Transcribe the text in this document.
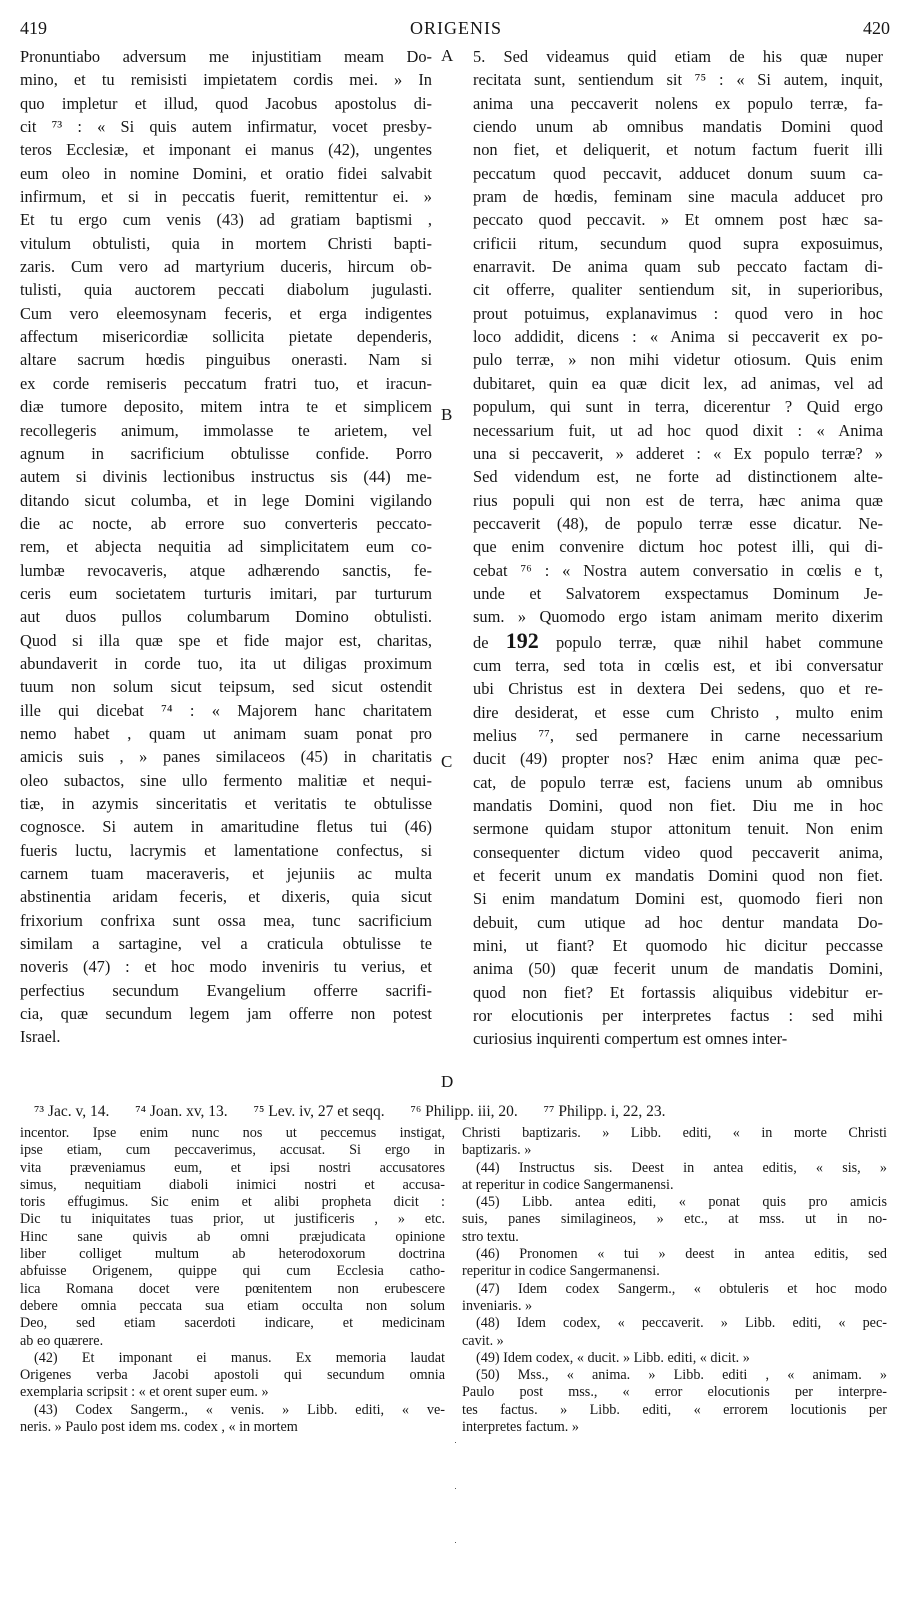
419	ORIGENIS	420
A
B
C
D
Pronuntiabo adversum me injustitiam meam Do-
mino, et tu remisisti impietatem cordis mei. » In
quo impletur et illud, quod Jacobus apostolus di-
cit ⁷³ : « Si quis autem infirmatur, vocet presby-
teros Ecclesiæ, et imponant ei manus (42), ungentes
eum oleo in nomine Domini, et oratio fidei salvabit
infirmum, et si in peccatis fuerit, remittentur ei. »
Et tu ergo cum venis (43) ad gratiam baptismi ,
vitulum obtulisti, quia in mortem Christi bapti-
zaris. Cum vero ad martyrium duceris, hircum ob-
tulisti, quia auctorem peccati diabolum jugulasti.
Cum vero eleemosynam feceris, et erga indigentes
affectum misericordiæ sollicita pietate dependeris,
altare sacrum hœdis pinguibus onerasti. Nam si
ex corde remiseris peccatum fratri tuo, et iracun-
diæ tumore deposito, mitem intra te et simplicem
recollegeris animum, immolasse te arietem, vel
agnum in sacrificium obtulisse confide. Porro
autem si divinis lectionibus instructus sis (44) me-
ditando sicut columba, et in lege Domini vigilando
die ac nocte, ab errore suo converteris peccato-
rem, et abjecta nequitia ad simplicitatem eum co-
lumbæ revocaveris, atque adhærendo sanctis, fe-
ceris eum societatem turturis imitari, par turturum
aut duos pullos columbarum Domino obtulisti.
Quod si illa quæ spe et fide major est, charitas,
abundaverit in corde tuo, ita ut diligas proximum
tuum non solum sicut teipsum, sed sicut ostendit
ille qui dicebat ⁷⁴ : « Majorem hanc charitatem
nemo habet , quam ut animam suam ponat pro
amicis suis , » panes similaceos (45) in charitatis
oleo subactos, sine ullo fermento malitiæ et nequi-
tiæ, in azymis sinceritatis et veritatis te obtulisse
cognosce. Si autem in amaritudine fletus tui (46)
fueris luctu, lacrymis et lamentatione confectus, si
carnem tuam maceraveris, et jejuniis ac multa
abstinentia aridam feceris, et dixeris, quia sicut
frixorium confrixa sunt ossa mea, tunc sacrificium
similam a sartagine, vel a craticula obtulisse te
noveris (47) : et hoc modo inveniris tu verius, et
perfectius secundum Evangelium offerre sacrifi-
cia, quæ secundum legem jam offerre non potest
Israel.
5. Sed videamus quid etiam de his quæ nuper
recitata sunt, sentiendum sit ⁷⁵ : « Si autem, inquit,
anima una peccaverit nolens ex populo terræ, fa-
ciendo unum ab omnibus mandatis Domini quod
non fiet, et deliquerit, et notum factum fuerit illi
peccatum quod peccavit, adducet donum suum ca-
pram de hœdis, feminam sine macula adducet pro
peccato quod peccavit. » Et omnem post hæc sa-
crificii ritum, secundum quod supra exposuimus,
enarravit. De anima quam sub peccato factam di-
cit offerre, qualiter sentiendum sit, in superioribus,
prout potuimus, explanavimus : quod vero in hoc
loco addidit, dicens : « Anima si peccaverit ex po-
pulo terræ, » non mihi videtur otiosum. Quis enim
dubitaret, quin ea quæ dicit lex, ad animas, vel ad
populum, qui sunt in terra, dicerentur ? Quid ergo
necessarium fuit, ut ad hoc quod dixit : « Anima
una si peccaverit, » adderet : « Ex populo terræ? »
Sed videndum est, ne forte ad distinctionem alte-
rius populi qui non est de terra, hæc anima quæ
peccaverit (48), de populo terræ esse dicatur. Ne-
que enim convenire dictum hoc potest illi, qui di-
cebat ⁷⁶ : « Nostra autem conversatio in cœlis e t,
unde et Salvatorem exspectamus Dominum Je-
sum. » Quomodo ergo istam animam merito dixerim
de 192 populo terræ, quæ nihil habet commune
cum terra, sed tota in cœlis est, et ibi conversatur
ubi Christus est in dextera Dei sedens, quo et re-
dire desiderat, et esse cum Christo , multo enim
melius ⁷⁷, sed permanere in carne necessarium
ducit (49) propter nos? Hæc enim anima quæ pec-
cat, de populo terræ est, faciens unum ab omnibus
mandatis Domini, quod non fiet. Diu me in hoc
sermone quidam stupor attonitum tenuit. Non enim
consequenter dictum video quod peccaverit anima,
et fecerit unum ex mandatis Domini quod non fiet.
Si enim mandatum Domini est, quomodo fieri non
debuit, cum utique ad hoc dentur mandata Do-
mini, ut fiant? Et quomodo hic dicitur peccasse
anima (50) quæ fecerit unum de mandatis Domini,
quod non fiet? Et fortassis aliquibus videbitur er-
ror elocutionis per interpretes factus : sed mihi
curiosius inquirenti compertum est omnes inter-
⁷³ Jac. v, 14. ⁷⁴ Joan. xv, 13. ⁷⁵ Lev. iv, 27 et seqq. ⁷⁶ Philipp. iii, 20. ⁷⁷ Philipp. i, 22, 23.
incentor. Ipse enim nunc nos ut peccemus instigat,
ipse etiam, cum peccaverimus, accusat. Si ergo in
vita præveniamus eum, et ipsi nostri accusatores
simus, nequitiam diaboli inimici nostri et accusa-
toris effugimus. Sic enim et alibi propheta dicit :
Dic tu iniquitates tuas prior, ut justificeris , » etc.
Hinc sane quivis ab omni præjudicata opinione
liber colliget multum ab heterodoxorum doctrina
abfuisse Origenem, quippe qui cum Ecclesia catho-
lica Romana docet vere pœnitentem non erubescere
debere omnia peccata sua etiam occulta non solum
Deo, sed etiam sacerdoti indicare, et medicinam
ab eo quærere.
(42) Et imponant ei manus. Ex memoria laudat
Origenes verba Jacobi apostoli qui secundum omnia
exemplaria scripsit : « et orent super eum. »
(43) Codex Sangerm., « venis. » Libb. editi, « ve-
neris. » Paulo post idem ms. codex , « in mortem
Christi baptizaris. » Libb. editi, « in morte Christi
baptizaris. »
(44) Instructus sis. Deest in antea editis, « sis, »
at reperitur in codice Sangermanensi.
(45) Libb. antea editi, « ponat quis pro amicis
suis, panes similagineos, » etc., at mss. ut in no-
stro textu.
(46) Pronomen « tui » deest in antea editis, sed
reperitur in codice Sangermanensi.
(47) Idem codex Sangerm., « obtuleris et hoc modo
inveniaris. »
(48) Idem codex, « peccaverit. » Libb. editi, « pec-
cavit. »
(49) Idem codex, « ducit. » Libb. editi, « dicit. »
(50) Mss., « anima. » Libb. editi , « animam. »
Paulo post mss., « error elocutionis per interpre-
tes factus. » Libb. editi, « errorem locutionis per
interpretes factum. »
